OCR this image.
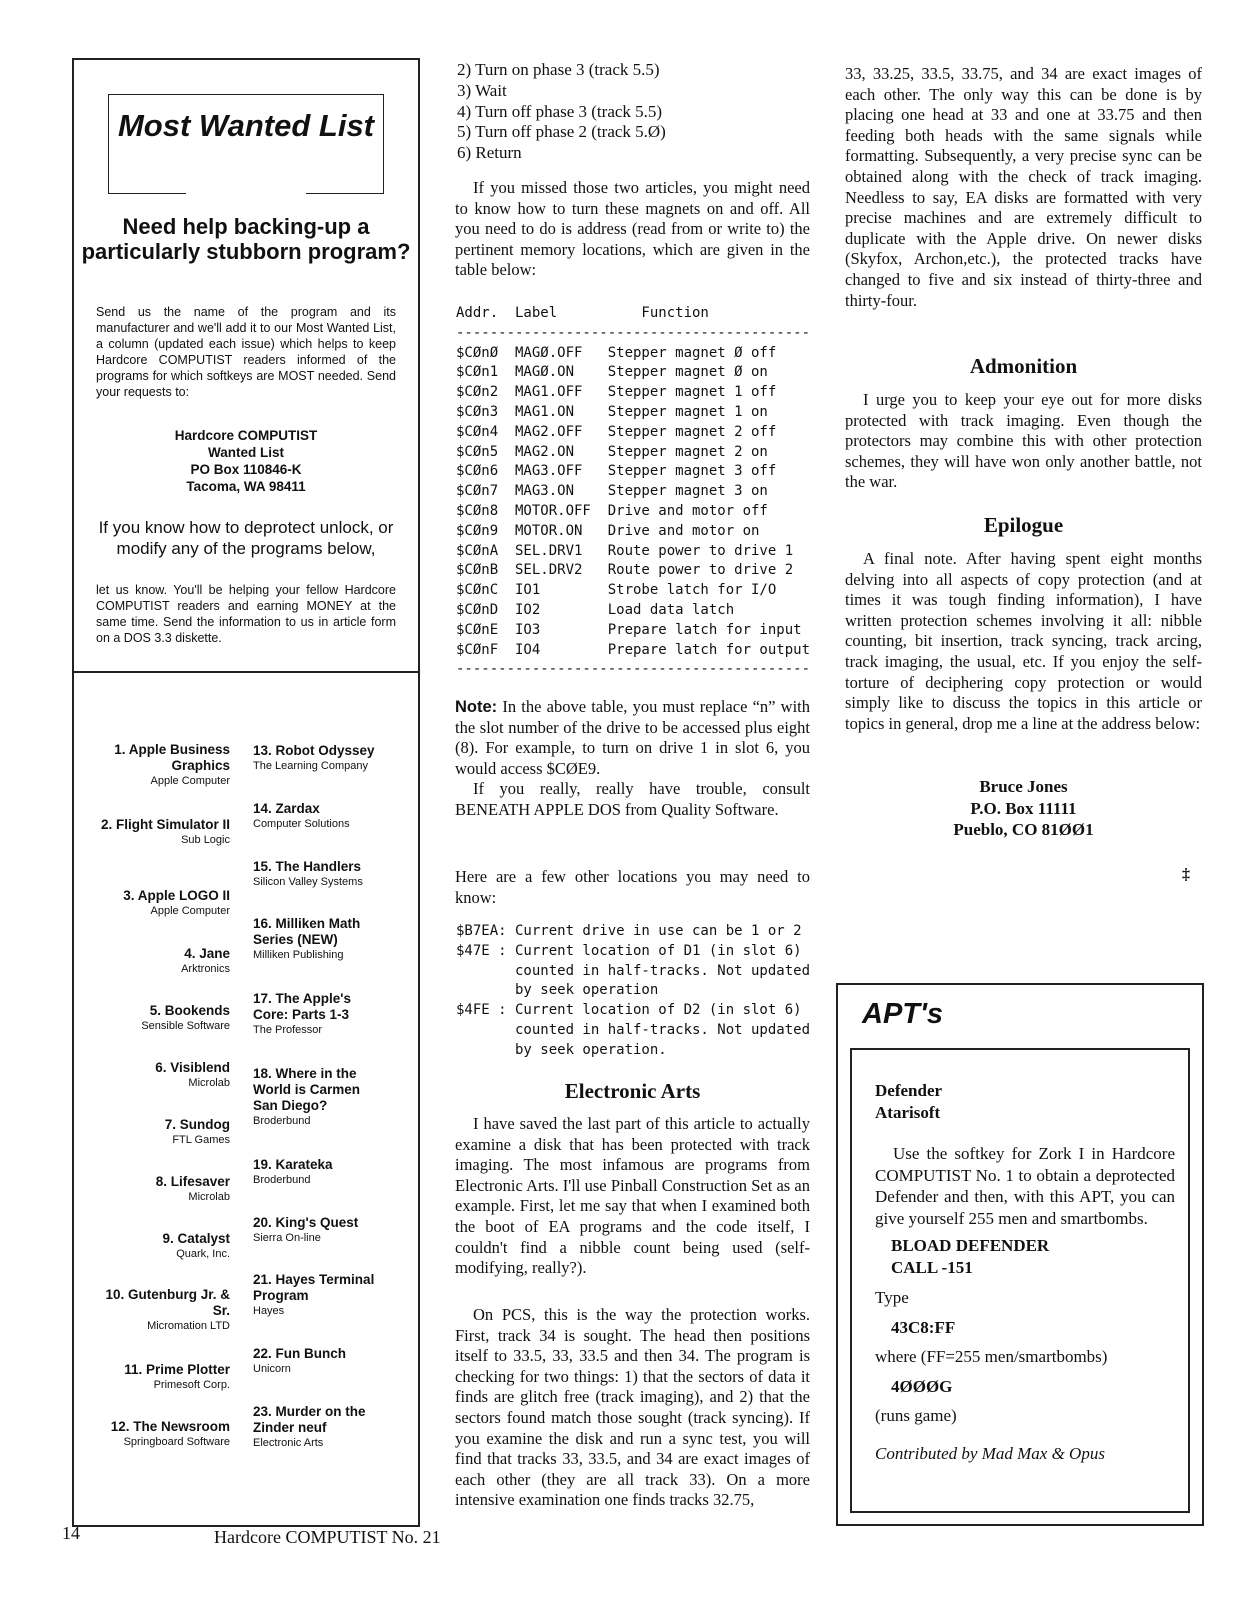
Most Wanted List
Need help backing-up a particularly stubborn program?
Send us the name of the program and its manufacturer and we'll add it to our Most Wanted List, a column (updated each issue) which helps to keep Hardcore COMPUTIST readers informed of the programs for which softkeys are MOST needed. Send your requests to:
Hardcore COMPUTIST
Wanted List
PO Box 110846-K
Tacoma, WA 98411
If you know how to deprotect unlock, or modify any of the programs below,
let us know. You'll be helping your fellow Hardcore COMPUTIST readers and earning MONEY at the same time. Send the information to us in article form on a DOS 3.3 diskette.
1. Apple Business Graphics
Apple Computer
2. Flight Simulator II
Sub Logic
3. Apple LOGO II
Apple Computer
4. Jane
Arktronics
5. Bookends
Sensible Software
6. Visiblend
Microlab
7. Sundog
FTL Games
8. Lifesaver
Microlab
9. Catalyst
Quark, Inc.
10. Gutenburg Jr. & Sr.
Micromation LTD
11. Prime Plotter
Primesoft Corp.
12. The Newsroom
Springboard Software
13. Robot Odyssey
The Learning Company
14. Zardax
Computer Solutions
15. The Handlers
Silicon Valley Systems
16. Milliken Math Series (NEW)
Milliken Publishing
17. The Apple's Core: Parts 1-3
The Professor
18. Where in the World is Carmen San Diego?
Broderbund
19. Karateka
Broderbund
20. King's Quest
Sierra On-line
21. Hayes Terminal Program
Hayes
22. Fun Bunch
Unicorn
23. Murder on the Zinder neuf
Electronic Arts
2) Turn on phase 3 (track 5.5)
3) Wait
4) Turn off phase 3 (track 5.5)
5) Turn off phase 2 (track 5.Ø)
6) Return
If you missed those two articles, you might need to know how to turn these magnets on and off. All you need to do is address (read from or write to) the pertinent memory locations, which are given in the table below:
Addr.  Label          Function
------------------------------------------
$CØnØ  MAGØ.OFF   Stepper magnet Ø off
$CØn1  MAGØ.ON    Stepper magnet Ø on
$CØn2  MAG1.OFF   Stepper magnet 1 off
$CØn3  MAG1.ON    Stepper magnet 1 on
$CØn4  MAG2.OFF   Stepper magnet 2 off
$CØn5  MAG2.ON    Stepper magnet 2 on
$CØn6  MAG3.OFF   Stepper magnet 3 off
$CØn7  MAG3.ON    Stepper magnet 3 on
$CØn8  MOTOR.OFF  Drive and motor off
$CØn9  MOTOR.ON   Drive and motor on
$CØnA  SEL.DRV1   Route power to drive 1
$CØnB  SEL.DRV2   Route power to drive 2
$CØnC  IO1        Strobe latch for I/O
$CØnD  IO2        Load data latch
$CØnE  IO3        Prepare latch for input
$CØnF  IO4        Prepare latch for output
------------------------------------------
Note: In the above table, you must replace “n” with the slot number of the drive to be accessed plus eight (8). For example, to turn on drive 1 in slot 6, you would access $CØE9.
If you really, really have trouble, consult BENEATH APPLE DOS from Quality Software.
Here are a few other locations you may need to know:
$B7EA: Current drive in use can be 1 or 2
$47E : Current location of D1 (in slot 6)
counted in half-tracks. Not updated
by seek operation
$4FE : Current location of D2 (in slot 6)
counted in half-tracks. Not updated
by seek operation.
Electronic Arts
I have saved the last part of this article to actually examine a disk that has been protected with track imaging. The most infamous are programs from Electronic Arts. I'll use Pinball Construction Set as an example. First, let me say that when I examined both the boot of EA programs and the code itself, I couldn't find a nibble count being used (self-modifying, really?).
On PCS, this is the way the protection works. First, track 34 is sought. The head then positions itself to 33.5, 33, 33.5 and then 34. The program is checking for two things: 1) that the sectors of data it finds are glitch free (track imaging), and 2) that the sectors found match those sought (track syncing). If you examine the disk and run a sync test, you will find that tracks 33, 33.5, and 34 are exact images of each other (they are all track 33). On a more intensive examination one finds tracks 32.75,
33, 33.25, 33.5, 33.75, and 34 are exact images of each other. The only way this can be done is by placing one head at 33 and one at 33.75 and then feeding both heads with the same signals while formatting. Subsequently, a very precise sync can be obtained along with the check of track imaging. Needless to say, EA disks are formatted with very precise machines and are extremely difficult to duplicate with the Apple drive. On newer disks (Skyfox, Archon,etc.), the protected tracks have changed to five and six instead of thirty-three and thirty-four.
Admonition
I urge you to keep your eye out for more disks protected with track imaging. Even though the protectors may combine this with other protection schemes, they will have won only another battle, not the war.
Epilogue
A final note. After having spent eight months delving into all aspects of copy protection (and at times it was tough finding information), I have written protection schemes involving it all: nibble counting, bit insertion, track syncing, track arcing, track imaging, the usual, etc. If you enjoy the self-torture of deciphering copy protection or would simply like to discuss the topics in this article or topics in general, drop me a line at the address below:
Bruce Jones
P.O. Box 11111
Pueblo, CO 81ØØ1
‡
APT's
Defender
Atarisoft
Use the softkey for Zork I in Hardcore COMPUTIST No. 1 to obtain a deprotected Defender and then, with this APT, you can give yourself 255 men and smartbombs.
BLOAD DEFENDER
CALL -151
Type
43C8:FF
where (FF=255 men/smartbombs)
4ØØØG
(runs game)
Contributed by Mad Max & Opus
14	Hardcore COMPUTIST No. 21
